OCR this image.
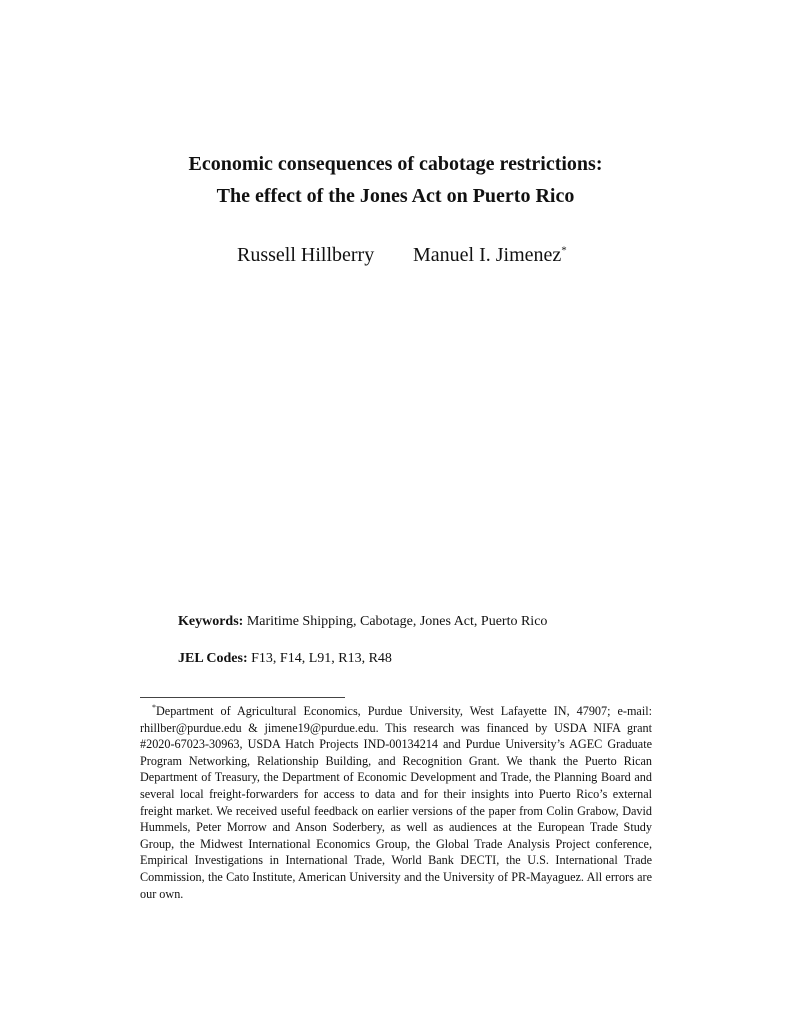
Economic consequences of cabotage restrictions:
The effect of the Jones Act on Puerto Rico
Russell Hillberry Manuel I. Jimenez*
Keywords: Maritime Shipping, Cabotage, Jones Act, Puerto Rico
JEL Codes: F13, F14, L91, R13, R48
*Department of Agricultural Economics, Purdue University, West Lafayette IN, 47907; e-mail: rhillber@purdue.edu & jimene19@purdue.edu. This research was financed by USDA NIFA grant #2020-67023-30963, USDA Hatch Projects IND-00134214 and Purdue University’s AGEC Graduate Program Networking, Relationship Building, and Recognition Grant. We thank the Puerto Rican Department of Treasury, the Department of Economic Development and Trade, the Planning Board and several local freight-forwarders for access to data and for their insights into Puerto Rico’s external freight market. We received useful feedback on earlier versions of the paper from Colin Grabow, David Hummels, Peter Morrow and Anson Soderbery, as well as audiences at the European Trade Study Group, the Midwest International Economics Group, the Global Trade Analysis Project conference, Empirical Investigations in International Trade, World Bank DECTI, the U.S. International Trade Commission, the Cato Institute, American University and the University of PR-Mayaguez. All errors are our own.
